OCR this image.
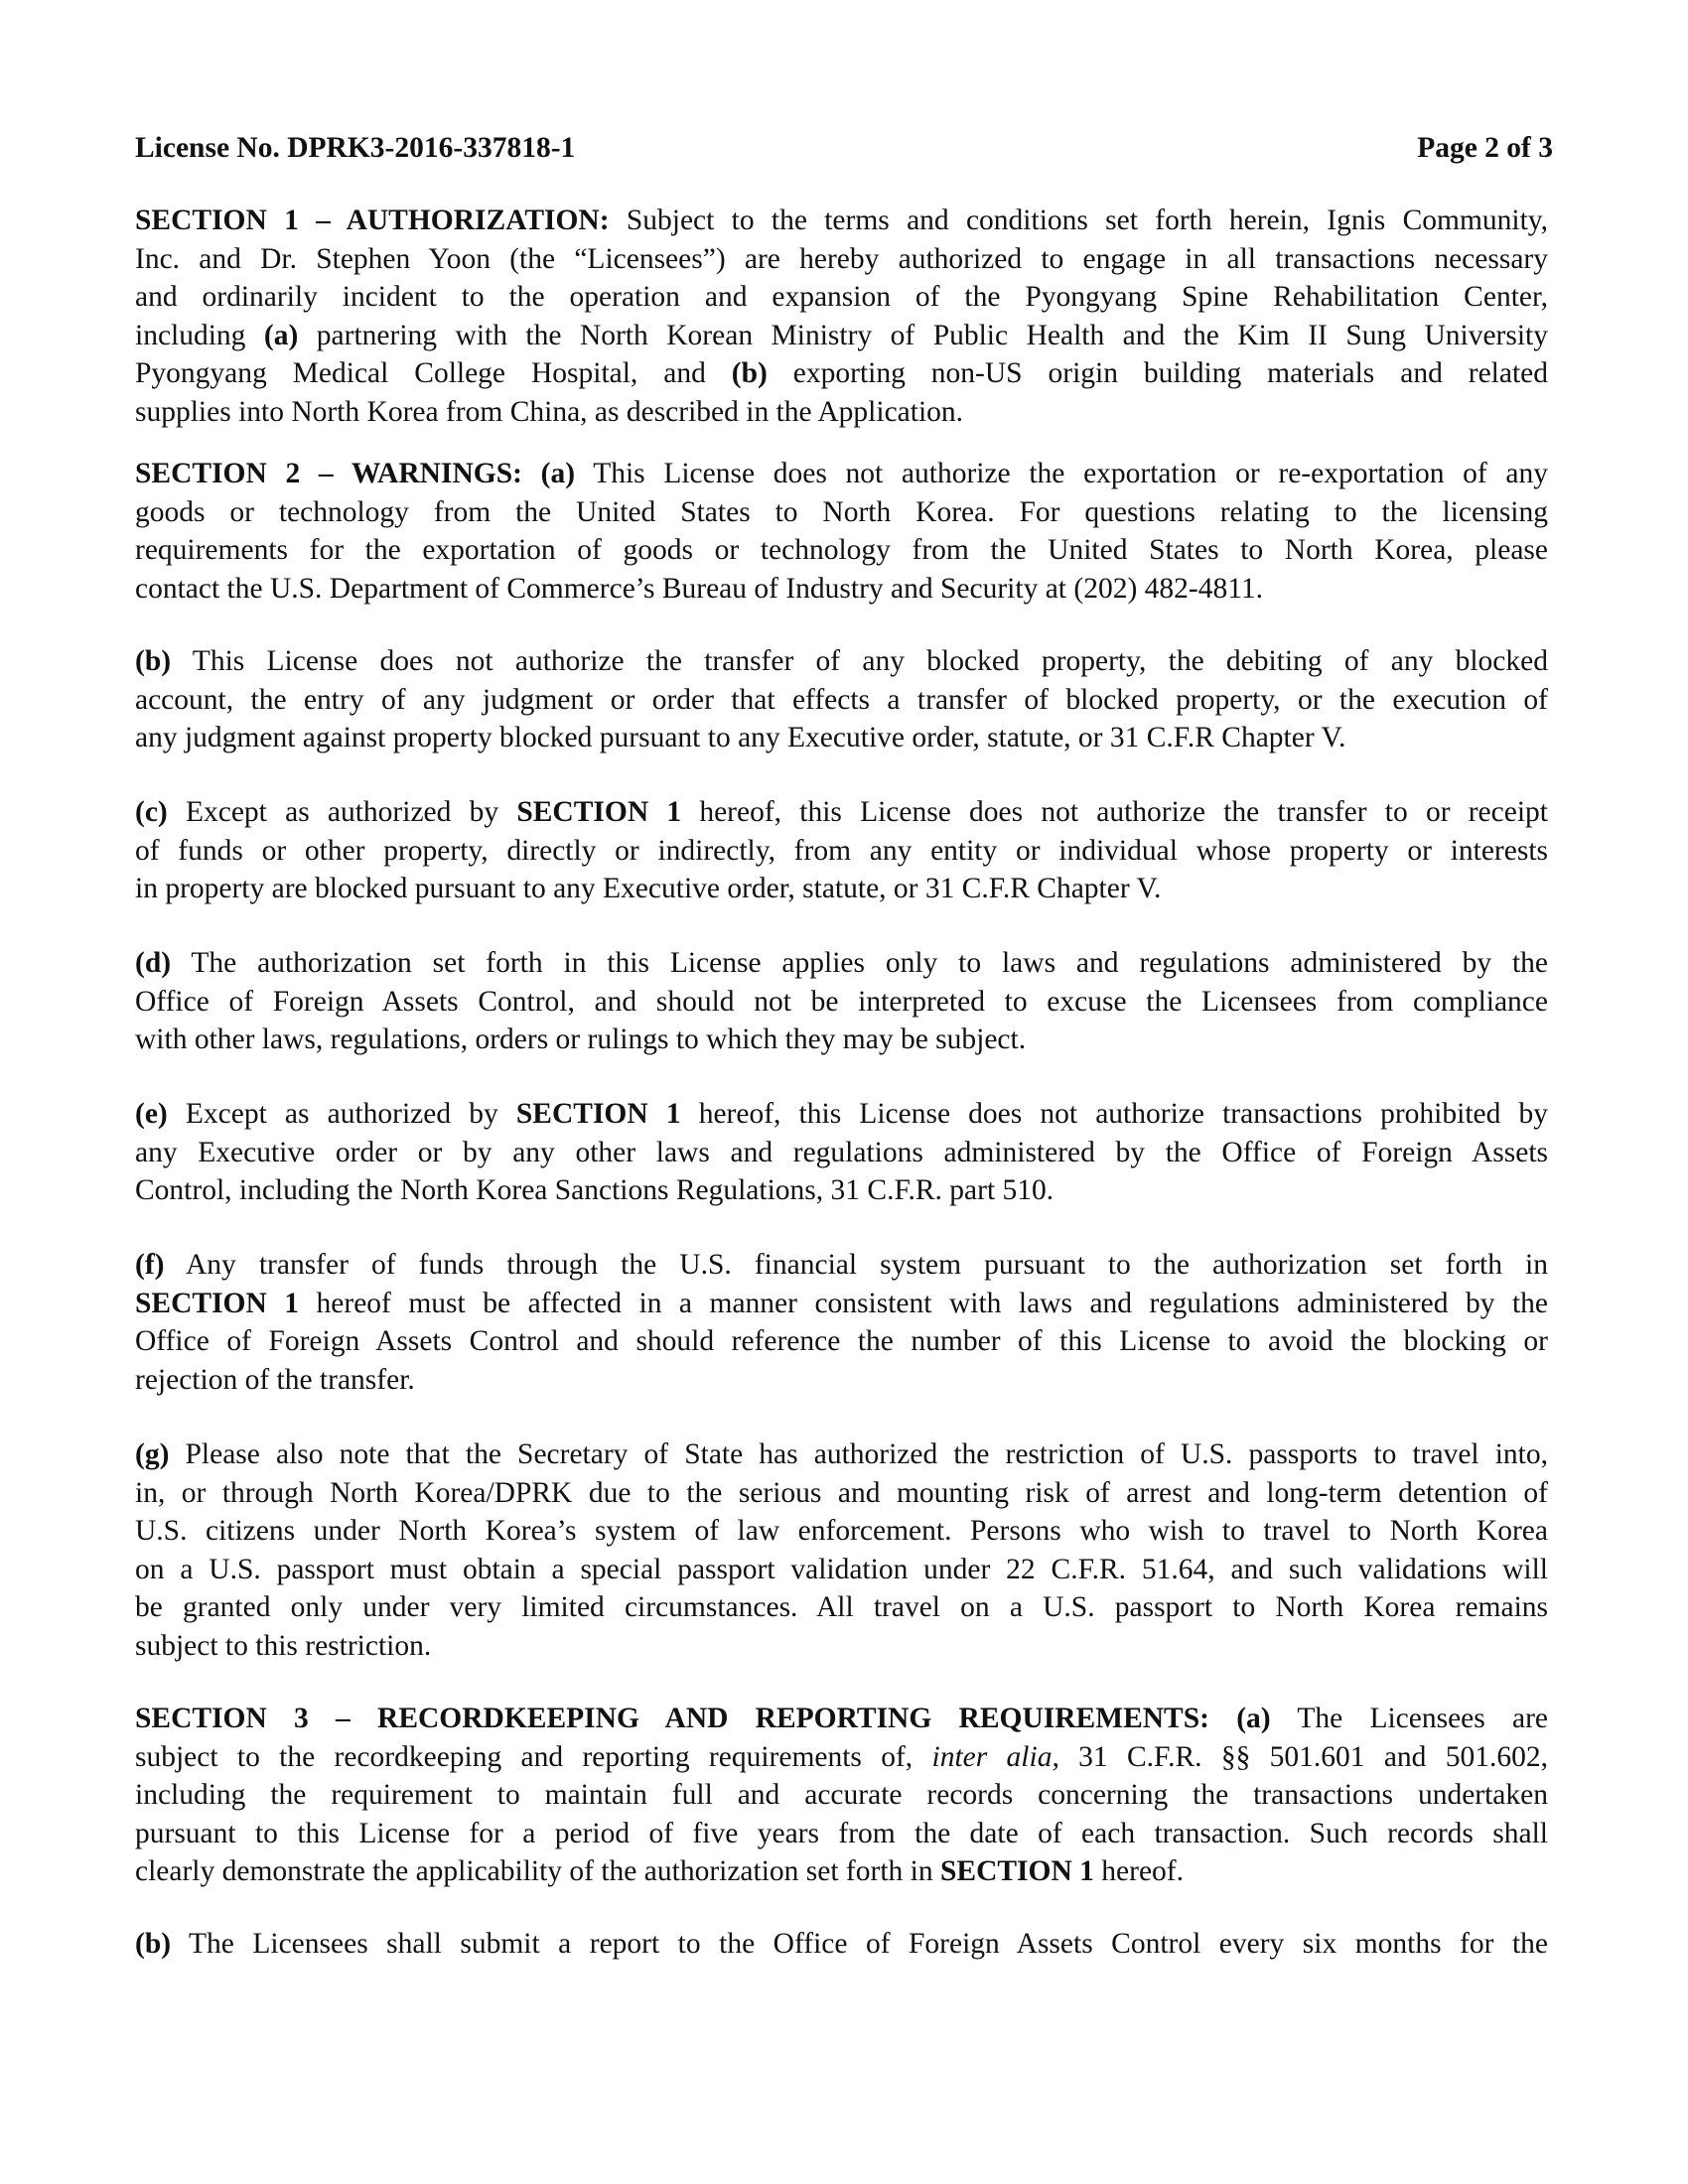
License No. DPRK3-2016-337818-1	Page 2 of 3
SECTION 1 – AUTHORIZATION: Subject to the terms and conditions set forth herein, Ignis Community,
Inc. and Dr. Stephen Yoon (the “Licensees”) are hereby authorized to engage in all transactions necessary
and ordinarily incident to the operation and expansion of the Pyongyang Spine Rehabilitation Center,
including (a) partnering with the North Korean Ministry of Public Health and the Kim II Sung University
Pyongyang Medical College Hospital, and (b) exporting non-US origin building materials and related
supplies into North Korea from China, as described in the Application.
SECTION 2 – WARNINGS: (a) This License does not authorize the exportation or re-exportation of any
goods or technology from the United States to North Korea. For questions relating to the licensing
requirements for the exportation of goods or technology from the United States to North Korea, please
contact the U.S. Department of Commerce’s Bureau of Industry and Security at (202) 482-4811.
(b) This License does not authorize the transfer of any blocked property, the debiting of any blocked
account, the entry of any judgment or order that effects a transfer of blocked property, or the execution of
any judgment against property blocked pursuant to any Executive order, statute, or 31 C.F.R Chapter V.
(c) Except as authorized by SECTION 1 hereof, this License does not authorize the transfer to or receipt
of funds or other property, directly or indirectly, from any entity or individual whose property or interests
in property are blocked pursuant to any Executive order, statute, or 31 C.F.R Chapter V.
(d) The authorization set forth in this License applies only to laws and regulations administered by the
Office of Foreign Assets Control, and should not be interpreted to excuse the Licensees from compliance
with other laws, regulations, orders or rulings to which they may be subject.
(e) Except as authorized by SECTION 1 hereof, this License does not authorize transactions prohibited by
any Executive order or by any other laws and regulations administered by the Office of Foreign Assets
Control, including the North Korea Sanctions Regulations, 31 C.F.R. part 510.
(f) Any transfer of funds through the U.S. financial system pursuant to the authorization set forth in
SECTION 1 hereof must be affected in a manner consistent with laws and regulations administered by the
Office of Foreign Assets Control and should reference the number of this License to avoid the blocking or
rejection of the transfer.
(g) Please also note that the Secretary of State has authorized the restriction of U.S. passports to travel into,
in, or through North Korea/DPRK due to the serious and mounting risk of arrest and long-term detention of
U.S. citizens under North Korea’s system of law enforcement. Persons who wish to travel to North Korea
on a U.S. passport must obtain a special passport validation under 22 C.F.R. 51.64, and such validations will
be granted only under very limited circumstances. All travel on a U.S. passport to North Korea remains
subject to this restriction.
SECTION 3 – RECORDKEEPING AND REPORTING REQUIREMENTS: (a) The Licensees are
subject to the recordkeeping and reporting requirements of, inter alia, 31 C.F.R. §§ 501.601 and 501.602,
including the requirement to maintain full and accurate records concerning the transactions undertaken
pursuant to this License for a period of five years from the date of each transaction. Such records shall
clearly demonstrate the applicability of the authorization set forth in SECTION 1 hereof.
(b) The Licensees shall submit a report to the Office of Foreign Assets Control every six months for the
